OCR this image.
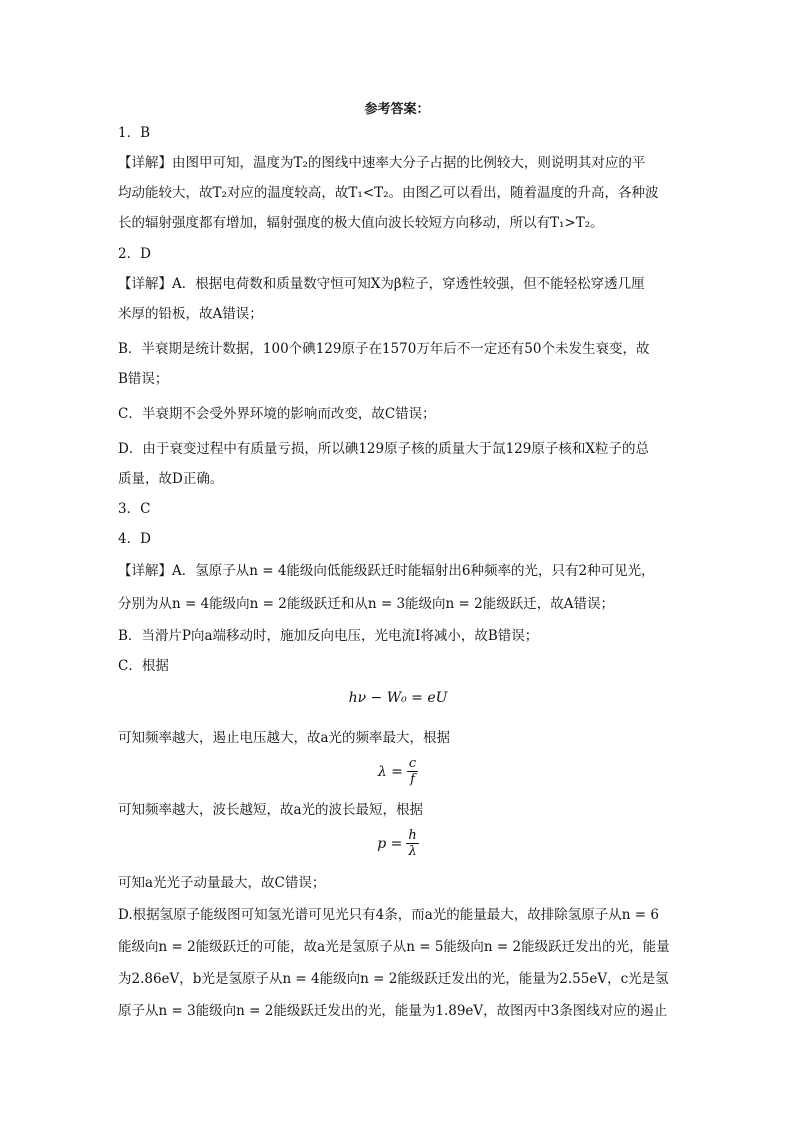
参考答案：
1．B
【详解】由图甲可知，温度为T₂的图线中速率大分子占据的比例较大，则说明其对应的平
均动能较大，故T₂对应的温度较高，故T₁<T₂。由图乙可以看出，随着温度的升高，各种波
长的辐射强度都有增加，辐射强度的极大值向波长较短方向移动，所以有T₁>T₂。
2．D
【详解】A．根据电荷数和质量数守恒可知X为β粒子，穿透性较强，但不能轻松穿透几厘
米厚的铅板，故A错误；
B．半衰期是统计数据，100个碘129原子在1570万年后不一定还有50个未发生衰变，故
B错误；
C．半衰期不会受外界环境的影响而改变，故C错误；
D．由于衰变过程中有质量亏损，所以碘129原子核的质量大于氙129原子核和X粒子的总
质量，故D正确。
3．C
4．D
【详解】A．氢原子从n = 4能级向低能级跃迁时能辐射出6种频率的光，只有2种可见光，
分别为从n = 4能级向n = 2能级跃迁和从n = 3能级向n = 2能级跃迁，故A错误；
B．当滑片P向a端移动时，施加反向电压，光电流I将减小，故B错误；
C．根据
hν − W₀ = eU
可知频率越大，遏止电压越大，故a光的频率最大，根据
$\lambda = \frac{c}{f}$
可知频率越大，波长越短，故a光的波长最短，根据
$p = \frac{h}{\lambda}$
可知a光光子动量最大，故C错误；
D.根据氢原子能级图可知氢光谱可见光只有4条，而a光的能量最大，故排除氢原子从n = 6
能级向n = 2能级跃迁的可能，故a光是氢原子从n = 5能级向n = 2能级跃迁发出的光，能量
为2.86eV，b光是氢原子从n = 4能级向n = 2能级跃迁发出的光，能量为2.55eV，c光是氢
原子从n = 3能级向n = 2能级跃迁发出的光，能量为1.89eV，故图丙中3条图线对应的遏止
